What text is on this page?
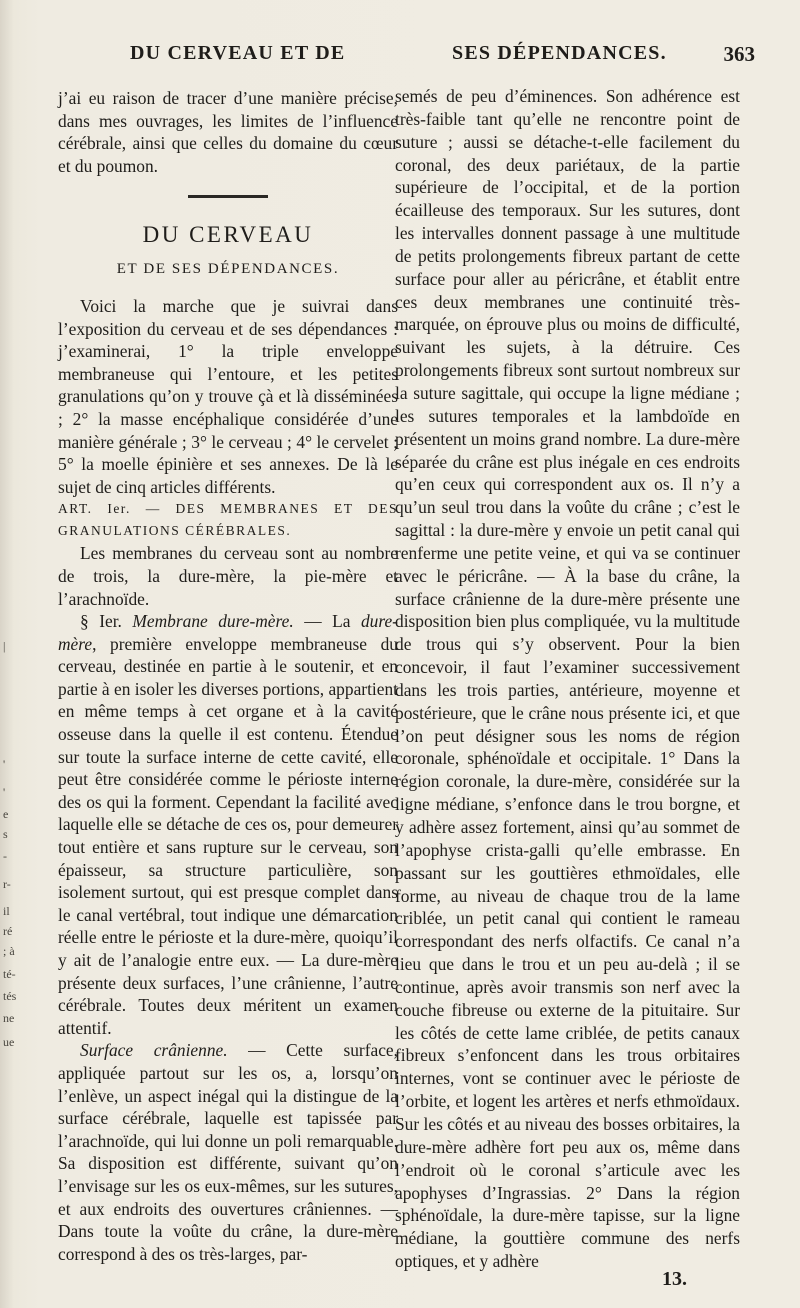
|
'
'
e
s
-
r-
il
ré
; à
té-
tés
ne
ue
DU CERVEAU ET DE	SES DÉPENDANCES.	363

j’ai eu raison de tracer d’une manière précise, dans mes ouvrages, les limites de l’influence cérébrale, ainsi que celles du domaine du cœur et du poumon.

DU CERVEAU
ET DE SES DÉPENDANCES.

Voici la marche que je suivrai dans l’exposition du cerveau et de ses dépendances : j’examinerai, 1° la triple enveloppe membraneuse qui l’entoure, et les petites granulations qu’on y trouve çà et là disséminées ; 2° la masse encéphalique considérée d’une manière générale ; 3° le cerveau ; 4° le cervelet ; 5° la moelle épinière et ses annexes. De là le sujet de cinq articles différents.

ART. Ier. — DES MEMBRANES ET DES GRANULATIONS CÉRÉBRALES.

Les membranes du cerveau sont au nombre de trois, la dure-mère, la pie-mère et l’arachnoïde.

§ Ier. Membrane dure-mère. — La dure-mère, première enveloppe membraneuse du cerveau, destinée en partie à le soutenir, et en partie à en isoler les diverses portions, appartient en même temps à cet organe et à la cavité osseuse dans la quelle il est contenu. Étendue sur toute la surface interne de cette cavité, elle peut être considérée comme le périoste interne des os qui la forment. Cependant la facilité avec laquelle elle se détache de ces os, pour demeurer tout entière et sans rupture sur le cerveau, son épaisseur, sa structure particulière, son isolement surtout, qui est presque complet dans le canal vertébral, tout indique une démarcation réelle entre le périoste et la dure-mère, quoiqu’il y ait de l’analogie entre eux. — La dure-mère présente deux surfaces, l’une crânienne, l’autre cérébrale. Toutes deux méritent un examen attentif.

Surface crânienne. — Cette surface, appliquée partout sur les os, a, lorsqu’on l’enlève, un aspect inégal qui la distingue de la surface cérébrale, laquelle est tapissée par l’arachnoïde, qui lui donne un poli remarquable. Sa disposition est différente, suivant qu’on l’envisage sur les os eux-mêmes, sur les sutures, et aux endroits des ouvertures crâniennes. — Dans toute la voûte du crâne, la dure-mère correspond à des os très-larges, par-

semés de peu d’éminences. Son adhérence est très-faible tant qu’elle ne rencontre point de suture ; aussi se détache-t-elle facilement du coronal, des deux pariétaux, de la partie supérieure de l’occipital, et de la portion écailleuse des temporaux. Sur les sutures, dont les intervalles donnent passage à une multitude de petits prolongements fibreux partant de cette surface pour aller au péricrâne, et établit entre ces deux membranes une continuité très-marquée, on éprouve plus ou moins de difficulté, suivant les sujets, à la détruire. Ces prolongements fibreux sont surtout nombreux sur la suture sagittale, qui occupe la ligne médiane ; les sutures temporales et la lambdoïde en présentent un moins grand nombre. La dure-mère séparée du crâne est plus inégale en ces endroits qu’en ceux qui correspondent aux os. Il n’y a qu’un seul trou dans la voûte du crâne ; c’est le sagittal : la dure-mère y envoie un petit canal qui renferme une petite veine, et qui va se continuer avec le péricrâne. — À la base du crâne, la surface crânienne de la dure-mère présente une disposition bien plus compliquée, vu la multitude de trous qui s’y observent. Pour la bien concevoir, il faut l’examiner successivement dans les trois parties, antérieure, moyenne et postérieure, que le crâne nous présente ici, et que l’on peut désigner sous les noms de région coronale, sphénoïdale et occipitale. 1° Dans la région coronale, la dure-mère, considérée sur la ligne médiane, s’enfonce dans le trou borgne, et y adhère assez fortement, ainsi qu’au sommet de l’apophyse crista-galli qu’elle embrasse. En passant sur les gouttières ethmoïdales, elle forme, au niveau de chaque trou de la lame criblée, un petit canal qui contient le rameau correspondant des nerfs olfactifs. Ce canal n’a lieu que dans le trou et un peu au-delà ; il se continue, après avoir transmis son nerf avec la couche fibreuse ou externe de la pituitaire. Sur les côtés de cette lame criblée, de petits canaux fibreux s’enfoncent dans les trous orbitaires internes, vont se continuer avec le périoste de l’orbite, et logent les artères et nerfs ethmoïdaux. Sur les côtés et au niveau des bosses orbitaires, la dure-mère adhère fort peu aux os, même dans l’endroit où le coronal s’articule avec les apophyses d’Ingrassias. 2° Dans la région sphénoïdale, la dure-mère tapisse, sur la ligne médiane, la gouttière commune des nerfs optiques, et y adhère

13.
